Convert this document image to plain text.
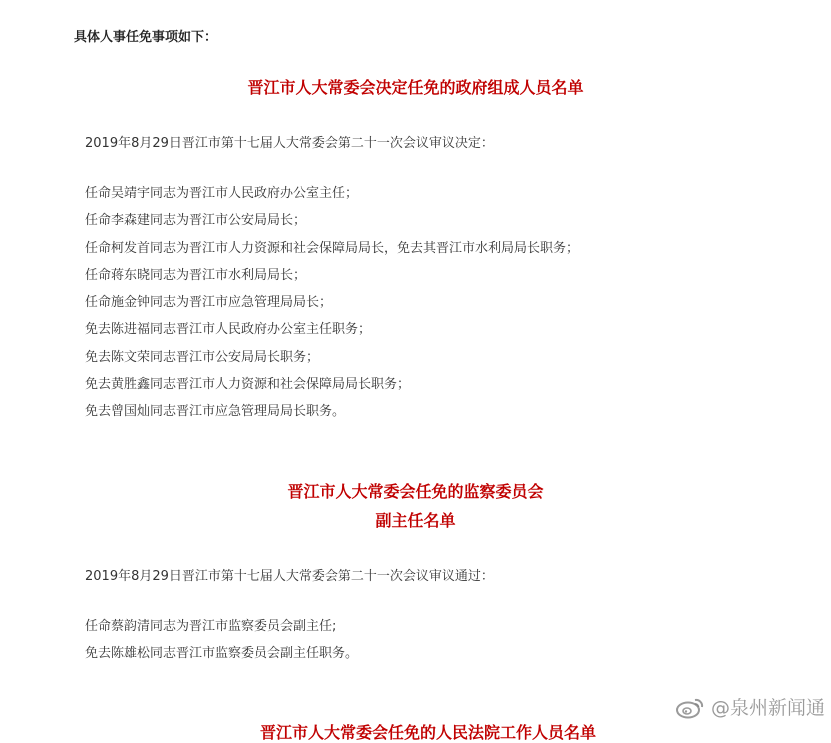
具体人事任免事项如下：
晋江市人大常委会决定任免的政府组成人员名单
2019年8月29日晋江市第十七届人大常委会第二十一次会议审议决定：
任命吴靖宇同志为晋江市人民政府办公室主任；
任命李森建同志为晋江市公安局局长；
任命柯发首同志为晋江市人力资源和社会保障局局长，免去其晋江市水利局局长职务；
任命蒋东晓同志为晋江市水利局局长；
任命施金钟同志为晋江市应急管理局局长；
免去陈进福同志晋江市人民政府办公室主任职务；
免去陈文荣同志晋江市公安局局长职务；
免去黄胜鑫同志晋江市人力资源和社会保障局局长职务；
免去曾国灿同志晋江市应急管理局局长职务。
晋江市人大常委会任免的监察委员会
副主任名单
2019年8月29日晋江市第十七届人大常委会第二十一次会议审议通过：
任命蔡韵清同志为晋江市监察委员会副主任;
免去陈雄松同志晋江市监察委员会副主任职务。
晋江市人大常委会任免的人民法院工作人员名单
@泉州新闻通
